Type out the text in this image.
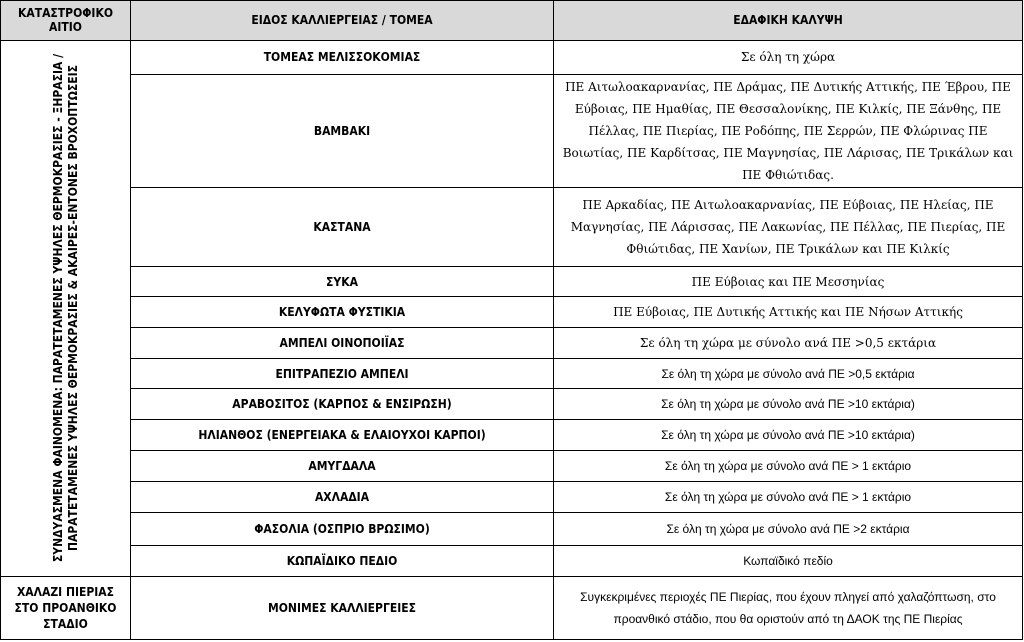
ΚΑΤΑΣΤΡΟΦΙΚΟ ΑΙΤΙΟ	ΕΙΔΟΣ ΚΑΛΛΙΕΡΓΕΙΑΣ / ΤΟΜΕΑ	ΕΔΑΦΙΚΗ ΚΑΛΥΨΗ

ΣΥΝΔΥΑΣΜΕΝΑ ΦΑΙΝΟΜΕΝΑ: ΠΑΡΑΤΕΤΑΜΕΝΕΣ ΥΨΗΛΕΣ ΘΕΡΜΟΚΡΑΣΙΕΣ - ΞΗΡΑΣΙΑ / ΠΑΡΑΤΕΤΑΜΕΝΕΣ ΥΨΗΛΕΣ ΘΕΡΜΟΚΡΑΣΙΕΣ & ΑΚΑΙΡΕΣ-ΕΝΤΟΝΕΣ ΒΡΟΧΟΠΤΩΣΕΙΣ	ΤΟΜΕΑΣ ΜΕΛΙΣΣΟΚΟΜΙΑΣ	Σε όλη τη χώρα
	ΒΑΜΒΑΚΙ	ΠΕ Αιτωλοακαρνανίας, ΠΕ Δράμας, ΠΕ Δυτικής Αττικής, ΠΕ Έβρου, ΠΕ Εύβοιας, ΠΕ Ημαθίας, ΠΕ Θεσσαλονίκης, ΠΕ Κιλκίς, ΠΕ Ξάνθης, ΠΕ Πέλλας, ΠΕ Πιερίας, ΠΕ Ροδόπης, ΠΕ Σερρών, ΠΕ Φλώρινας ΠΕ Βοιωτίας, ΠΕ Καρδίτσας, ΠΕ Μαγνησίας, ΠΕ Λάρισας, ΠΕ Τρικάλων και ΠΕ Φθιώτιδας.
	ΚΑΣΤΑΝΑ	ΠΕ Αρκαδίας, ΠΕ Αιτωλοακαρνανίας, ΠΕ Εύβοιας, ΠΕ Ηλείας, ΠΕ Μαγνησίας, ΠΕ Λάρισσας, ΠΕ Λακωνίας, ΠΕ Πέλλας, ΠΕ Πιερίας, ΠΕ Φθιώτιδας, ΠΕ Χανίων, ΠΕ Τρικάλων και ΠΕ Κιλκίς
	ΣΥΚΑ	ΠΕ Εύβοιας και ΠΕ Μεσσηνίας
	ΚΕΛΥΦΩΤΑ ΦΥΣΤΙΚΙΑ	ΠΕ Εύβοιας, ΠΕ Δυτικής Αττικής και ΠΕ Νήσων Αττικής
	ΑΜΠΕΛΙ ΟΙΝΟΠΟΙΪΑΣ	Σε όλη τη χώρα με σύνολο ανά ΠΕ >0,5 εκτάρια
	ΕΠΙΤΡΑΠΕΖΙΟ ΑΜΠΕΛΙ	Σε όλη τη χώρα με σύνολο ανά ΠΕ >0,5 εκτάρια
	ΑΡΑΒΟΣΙΤΟΣ (ΚΑΡΠΟΣ & ΕΝΣΙΡΩΣΗ)	Σε όλη τη χώρα με σύνολο ανά ΠΕ >10 εκτάρια)
	ΗΛΙΑΝΘΟΣ (ΕΝΕΡΓΕΙΑΚΑ & ΕΛΑΙΟΥΧΟΙ ΚΑΡΠΟΙ)	Σε όλη τη χώρα με σύνολο ανά ΠΕ >10 εκτάρια)
	ΑΜΥΓΔΑΛΑ	Σε όλη τη χώρα με σύνολο ανά ΠΕ > 1 εκτάριο
	ΑΧΛΑΔΙΑ	Σε όλη τη χώρα με σύνολο ανά ΠΕ > 1 εκτάριο
	ΦΑΣΟΛΙΑ (ΟΣΠΡΙΟ ΒΡΩΣΙΜΟ)	Σε όλη τη χώρα με σύνολο ανά ΠΕ >2 εκτάρια
	ΚΩΠΑΪΔΙΚΟ ΠΕΔΙΟ	Κωπαϊδικό πεδίο
ΧΑΛΑΖΙ ΠΙΕΡΙΑΣ ΣΤΟ ΠΡΟΑΝΘΙΚΟ ΣΤΑΔΙΟ	ΜΟΝΙΜΕΣ ΚΑΛΛΙΕΡΓΕΙΕΣ	Συγκεκριμένες περιοχές ΠΕ Πιερίας, που έχουν πληγεί από χαλαζόπτωση, στο προανθικό στάδιο, που θα οριστούν από τη ΔΑΟΚ της ΠΕ Πιερίας
